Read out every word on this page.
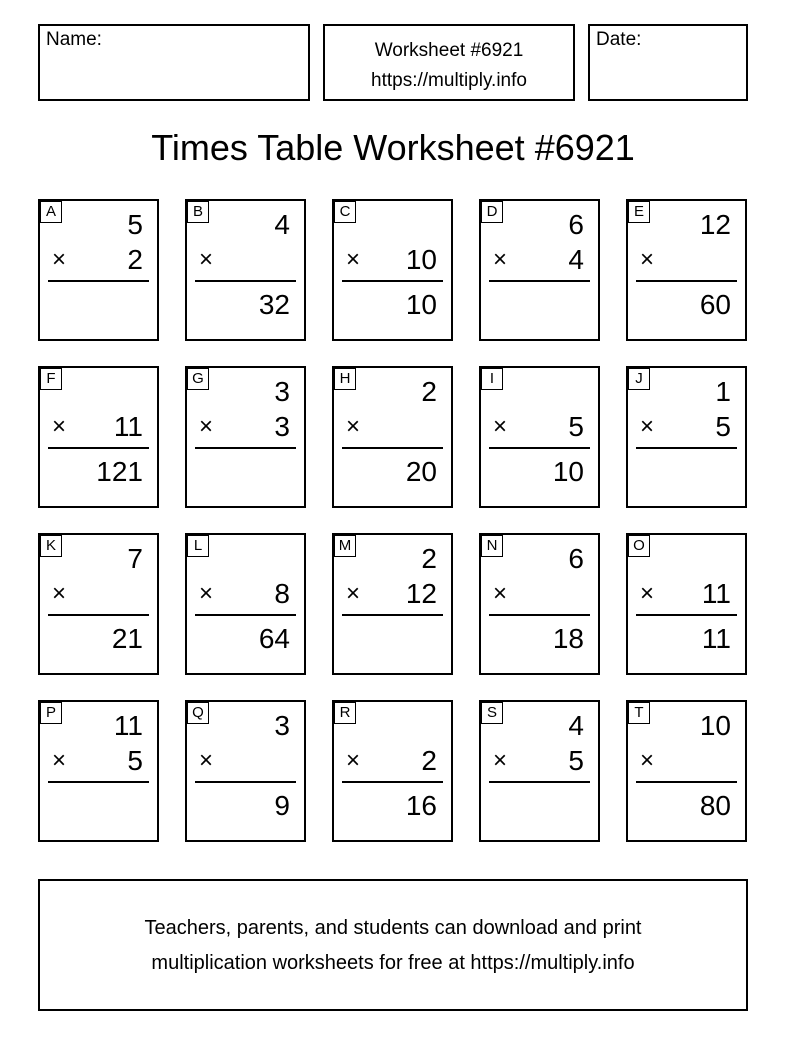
Name:
Worksheet #6921
https://multiply.info
Date:
Times Table Worksheet #6921
A	5
× 2
B	4
×
32
C
× 10
10
D	6
× 4
E 12
×
60
F
× 11
121
G	3
× 3
H	2
×
20
I
× 5
10
J	1
× 5
K	7
×
21
L
× 8
64
M	2
× 12
N	6
×
18
O
× 11
11
P 11
× 5
Q	3
×
9
R
× 2
16
S	4
× 5
T 10
×
80
Teachers, parents, and students can download and print
multiplication worksheets for free at https://multiply.info
